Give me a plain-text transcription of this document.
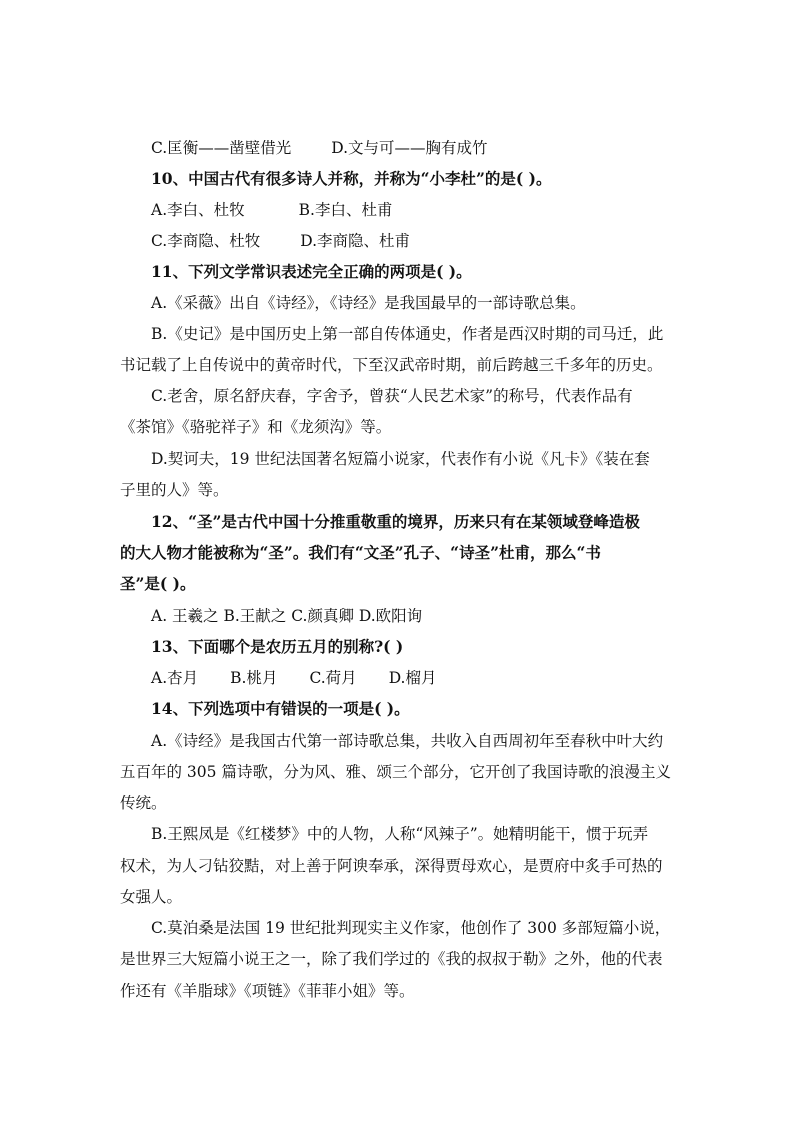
C.匡衡——凿壁借光	D.文与可——胸有成竹
10、中国古代有很多诗人并称，并称为“小李杜”的是( )。
A.李白、杜牧	B.李白、杜甫
C.李商隐、杜牧	D.李商隐、杜甫
11、下列文学常识表述完全正确的两项是( )。
A.《采薇》出自《诗经》，《诗经》是我国最早的一部诗歌总集。
B.《史记》是中国历史上第一部自传体通史，作者是西汉时期的司马迁，此
书记载了上自传说中的黄帝时代，下至汉武帝时期，前后跨越三千多年的历史。
C.老舍，原名舒庆春，字舍予，曾获“人民艺术家”的称号，代表作品有
《茶馆》《骆驼祥子》和《龙须沟》等。
D.契诃夫，19 世纪法国著名短篇小说家，代表作有小说《凡卡》《装在套
子里的人》等。
12、“圣”是古代中国十分推重敬重的境界，历来只有在某领域登峰造极
的大人物才能被称为“圣”。我们有“文圣”孔子、“诗圣”杜甫，那么“书
圣”是( )。
A. 王羲之 B.王献之 C.颜真卿 D.欧阳询
13、下面哪个是农历五月的别称?( )
A.杏月 B.桃月 C.荷月 D.榴月
14、下列选项中有错误的一项是( )。
A.《诗经》是我国古代第一部诗歌总集，共收入自西周初年至春秋中叶大约
五百年的 305 篇诗歌，分为风、雅、颂三个部分，它开创了我国诗歌的浪漫主义
传统。
B.王熙凤是《红楼梦》中的人物，人称“风辣子”。她精明能干，惯于玩弄
权术，为人刁钻狡黠，对上善于阿谀奉承，深得贾母欢心，是贾府中炙手可热的
女强人。
C.莫泊桑是法国 19 世纪批判现实主义作家，他创作了 300 多部短篇小说，
是世界三大短篇小说王之一，除了我们学过的《我的叔叔于勒》之外，他的代表
作还有《羊脂球》《项链》《菲菲小姐》等。
